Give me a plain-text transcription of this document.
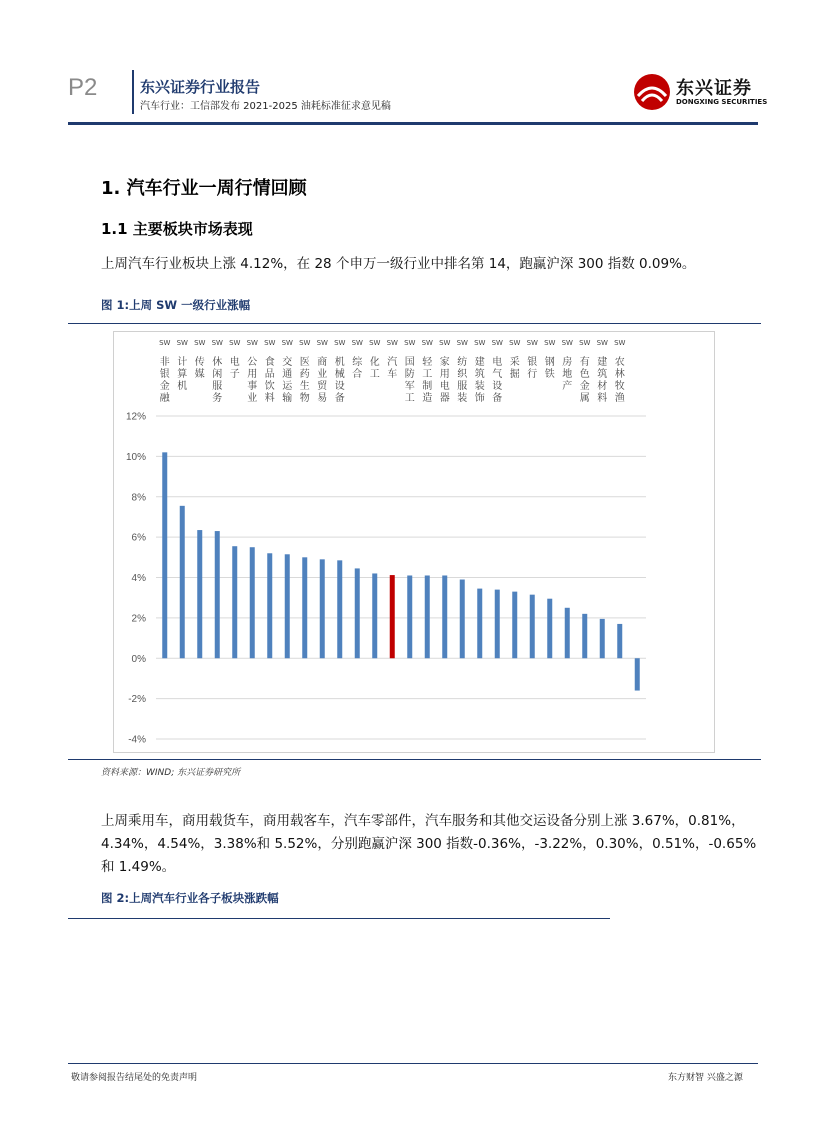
P2	东兴证券行业报告
汽车行业：工信部发布 2021-2025 油耗标准征求意见稿
东兴证券
DONGXING SECURITIES
1. 汽车行业一周行情回顾
1.1 主要板块市场表现
上周汽车行业板块上涨 4.12%，在 28 个申万一级行业中排名第 14，跑赢沪深 300 指数 0.09%。
图 1:上周 SW 一级行业涨幅
12%
10%
8%
6%
4%
2%
0%
-2%
-4%
SW 非银金融
SW 计算机
SW 传媒
SW 休闲服务
SW 电子
SW 公用事业
SW 食品饮料
SW 交通运输
SW 医药生物
SW 商业贸易
SW 机械设备
SW 综合
SW 化工
SW 汽车
SW 国防军工
SW 轻工制造
SW 家用电器
SW 纺织服装
SW 建筑装饰
SW 电气设备
SW 采掘
SW 银行
SW 钢铁
SW 房地产
SW 有色金属
SW 建筑材料
SW 农林牧渔
资料来源：WIND; 东兴证券研究所
上周乘用车，商用载货车，商用载客车，汽车零部件，汽车服务和其他交运设备分别上涨 3.67%，0.81%，4.34%，4.54%，3.38%和 5.52%，分别跑赢沪深 300 指数-0.36%，-3.22%，0.30%，0.51%，-0.65%和 1.49%。
图 2:上周汽车行业各子板块涨跌幅
敬请参阅报告结尾处的免责声明	东方财智 兴盛之源
